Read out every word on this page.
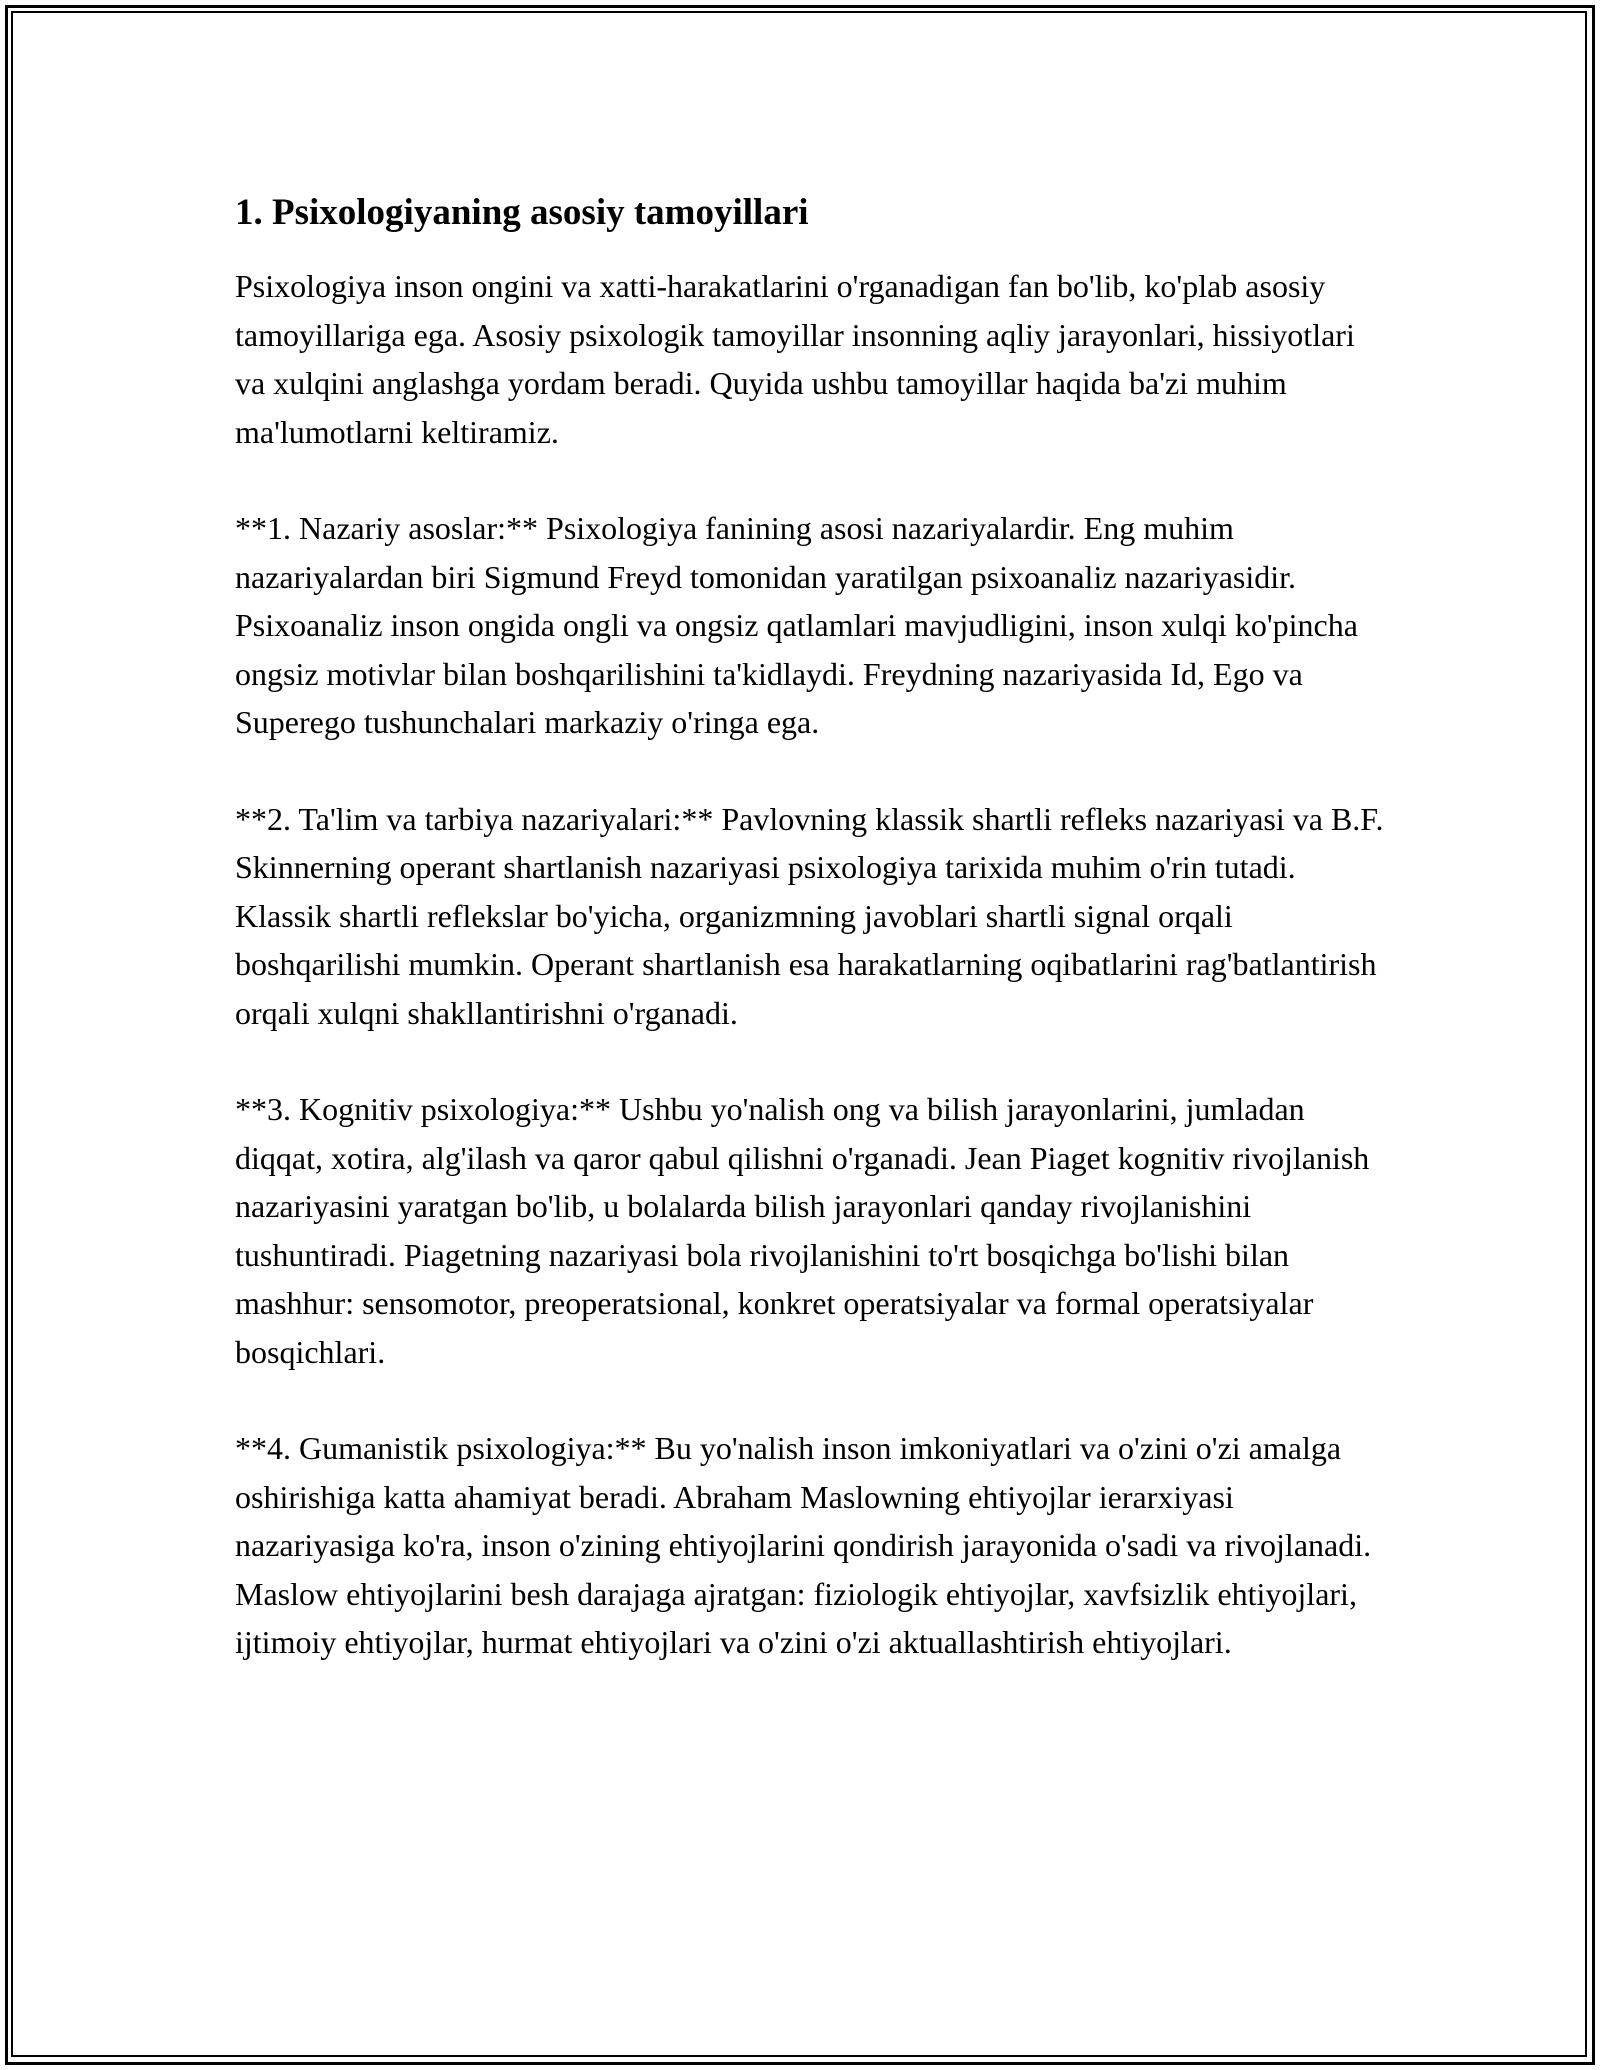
1. Psixologiyaning asosiy tamoyillari

Psixologiya inson ongini va xatti-harakatlarini o'rganadigan fan bo'lib, ko'plab asosiy tamoyillariga ega. Asosiy psixologik tamoyillar insonning aqliy jarayonlari, hissiyotlari va xulqini anglashga yordam beradi. Quyida ushbu tamoyillar haqida ba'zi muhim ma'lumotlarni keltiramiz.

**1. Nazariy asoslar:** Psixologiya fanining asosi nazariyalardir. Eng muhim nazariyalardan biri Sigmund Freyd tomonidan yaratilgan psixoanaliz nazariyasidir. Psixoanaliz inson ongida ongli va ongsiz qatlamlari mavjudligini, inson xulqi ko'pincha ongsiz motivlar bilan boshqarilishini ta'kidlaydi. Freydning nazariyasida Id, Ego va Superego tushunchalari markaziy o'ringa ega.

**2. Ta'lim va tarbiya nazariyalari:** Pavlovning klassik shartli refleks nazariyasi va B.F. Skinnerning operant shartlanish nazariyasi psixologiya tarixida muhim o'rin tutadi. Klassik shartli reflekslar bo'yicha, organizmning javoblari shartli signal orqali boshqarilishi mumkin. Operant shartlanish esa harakatlarning oqibatlarini rag'batlantirish orqali xulqni shakllantirishni o'rganadi.

**3. Kognitiv psixologiya:** Ushbu yo'nalish ong va bilish jarayonlarini, jumladan diqqat, xotira, alg'ilash va qaror qabul qilishni o'rganadi. Jean Piaget kognitiv rivojlanish nazariyasini yaratgan bo'lib, u bolalarda bilish jarayonlari qanday rivojlanishini tushuntiradi. Piagetning nazariyasi bola rivojlanishini to'rt bosqichga bo'lishi bilan mashhur: sensomotor, preoperatsional, konkret operatsiyalar va formal operatsiyalar bosqichlari.

**4. Gumanistik psixologiya:** Bu yo'nalish inson imkoniyatlari va o'zini o'zi amalga oshirishiga katta ahamiyat beradi. Abraham Maslowning ehtiyojlar ierarxiyasi nazariyasiga ko'ra, inson o'zining ehtiyojlarini qondirish jarayonida o'sadi va rivojlanadi. Maslow ehtiyojlarini besh darajaga ajratgan: fiziologik ehtiyojlar, xavfsizlik ehtiyojlari, ijtimoiy ehtiyojlar, hurmat ehtiyojlari va o'zini o'zi aktuallashtirish ehtiyojlari.
